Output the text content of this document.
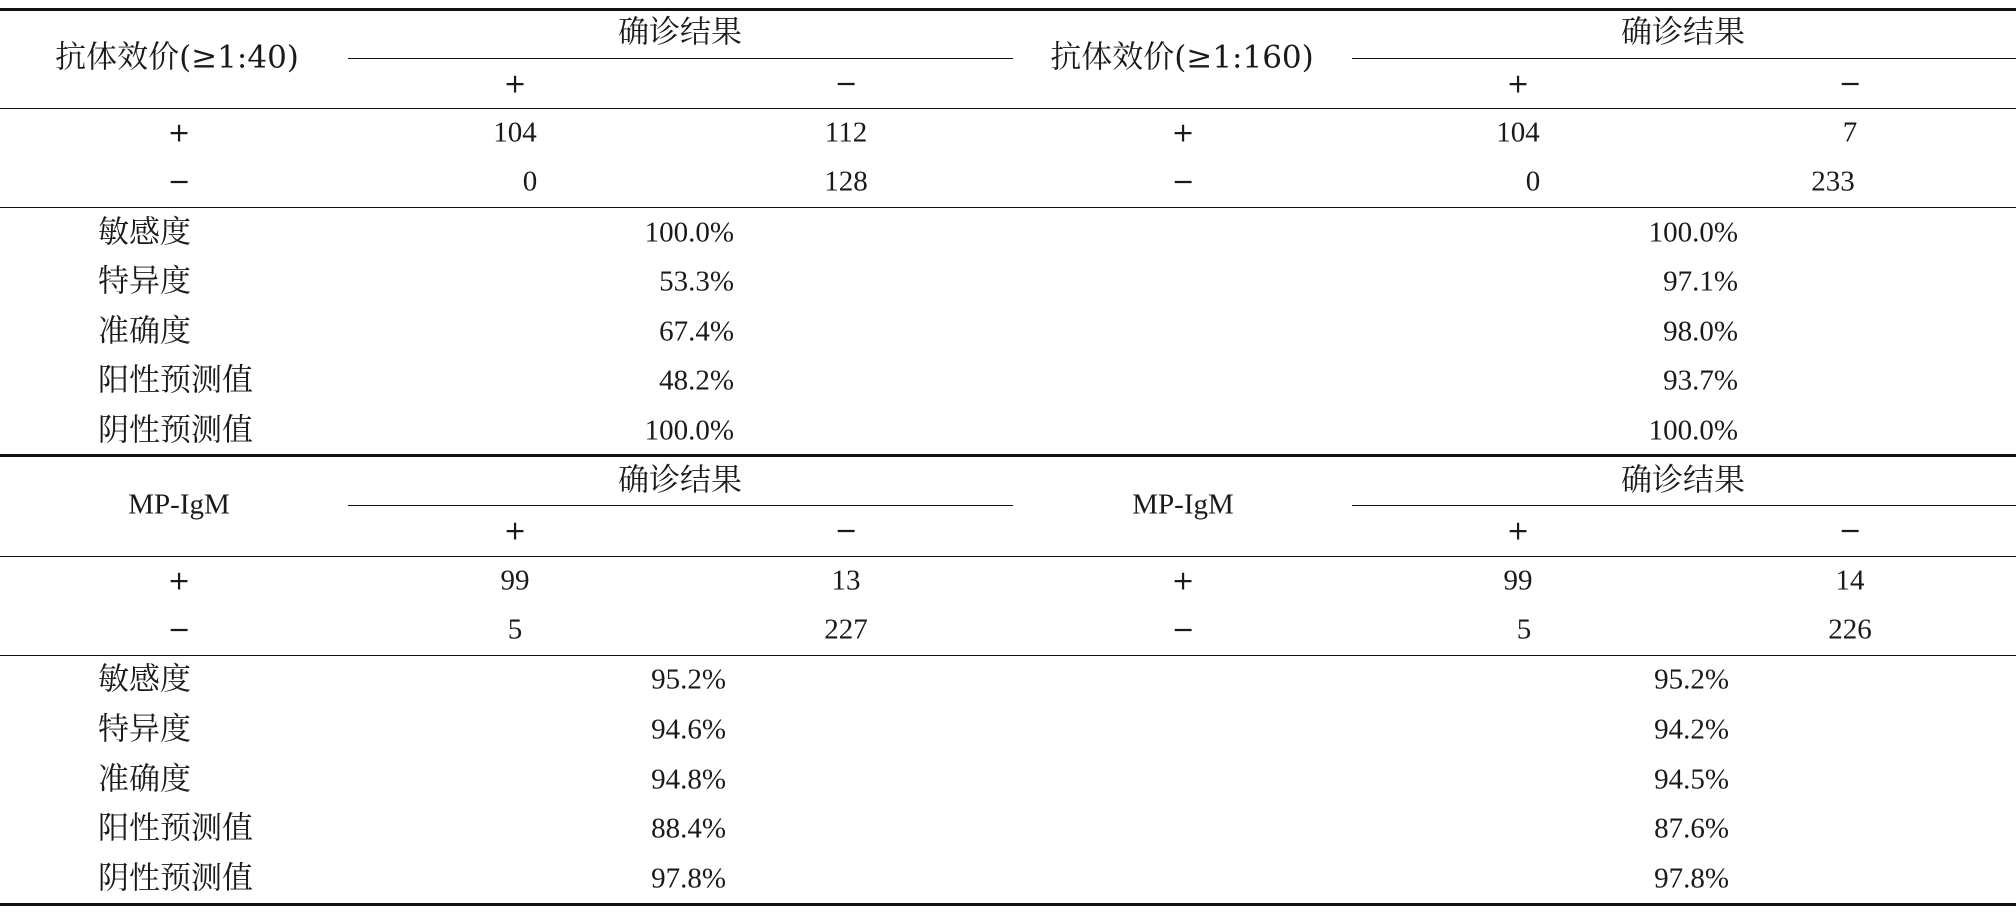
抗体效价(≥1:40)
确诊结果
+	−
抗体效价(≥1:160)
确诊结果
+	−
+	104	112	+	104	7
−	0	128	−	0	233
敏感度	100.0%	100.0%
特异度	53.3%	97.1%
准确度	67.4%	98.0%
阳性预测值	48.2%	93.7%
阴性预测值	100.0%	100.0%
MP-IgM
确诊结果
+	−
MP-IgM
确诊结果
+	−
+	99	13	+	99	14
−	5	227	−	5	226
敏感度	95.2%	95.2%
特异度	94.6%	94.2%
准确度	94.8%	94.5%
阳性预测值	88.4%	87.6%
阴性预测值	97.8%	97.8%
